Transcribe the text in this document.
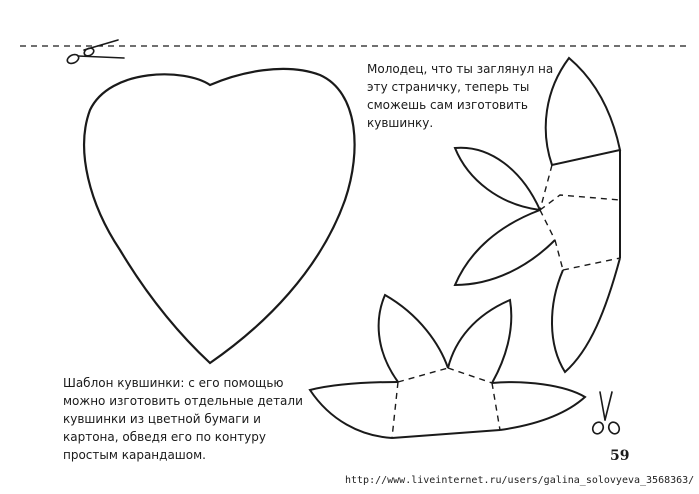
Молодец, что ты заглянул на эту страничку, теперь ты сможешь сам изготовить кувшинку.

Шаблон кувшинки: с его помощью можно изготовить отдельные детали кувшинки из цветной бумаги и картона, обведя его по контуру простым карандашом.	59
http://www.liveinternet.ru/users/galina_solovyeva_3568363/
